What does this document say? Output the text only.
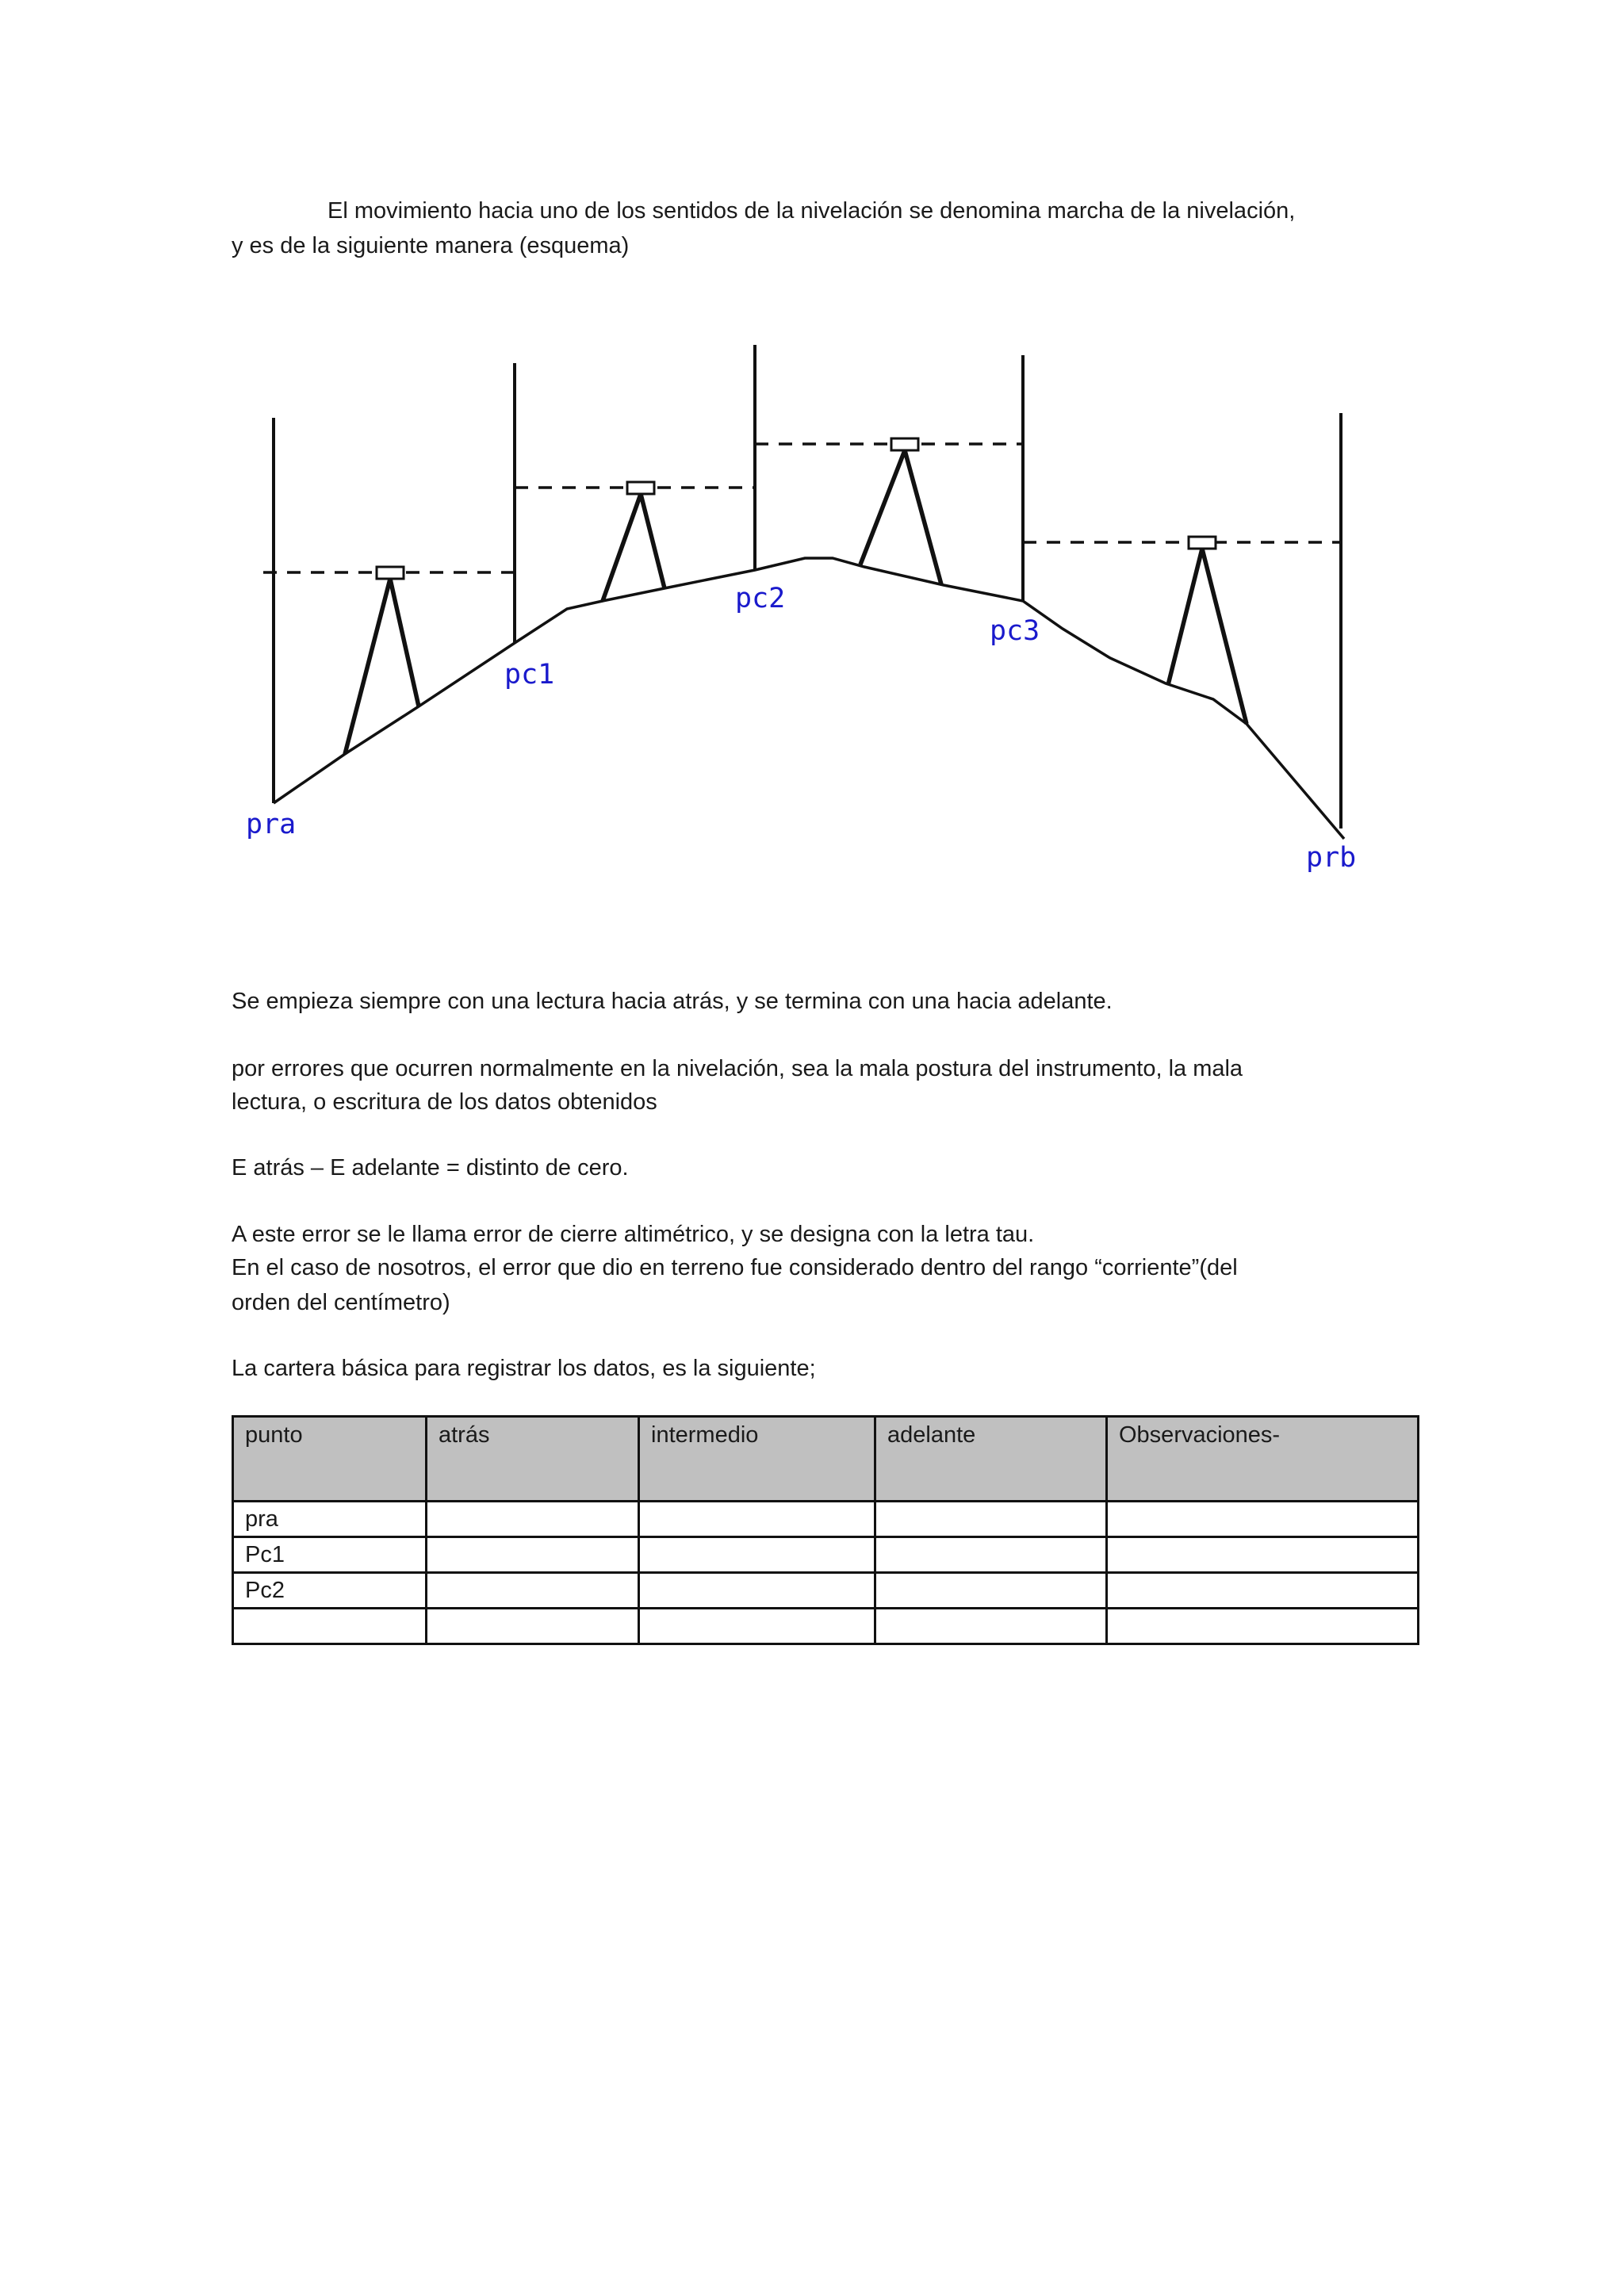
El movimiento hacia uno de los sentidos de la nivelación se denomina marcha de la nivelación,
y es de la siguiente manera (esquema)
pra
pc1
pc2
pc3
prb
Se empieza siempre con una lectura hacia atrás, y se termina con una hacia adelante.
por errores que ocurren normalmente en la nivelación, sea la mala postura del instrumento, la mala
lectura, o escritura de los datos obtenidos
E atrás – E adelante = distinto de cero.
A este error se le llama error de cierre altimétrico, y se designa con la letra tau.
En el caso de nosotros, el error que dio en terreno fue considerado dentro del rango “corriente”(del
orden del centímetro)
La cartera básica para registrar los datos, es la siguiente;
punto	atrás	intermedio	adelante	Observaciones-
pra				
Pc1				
Pc2				
